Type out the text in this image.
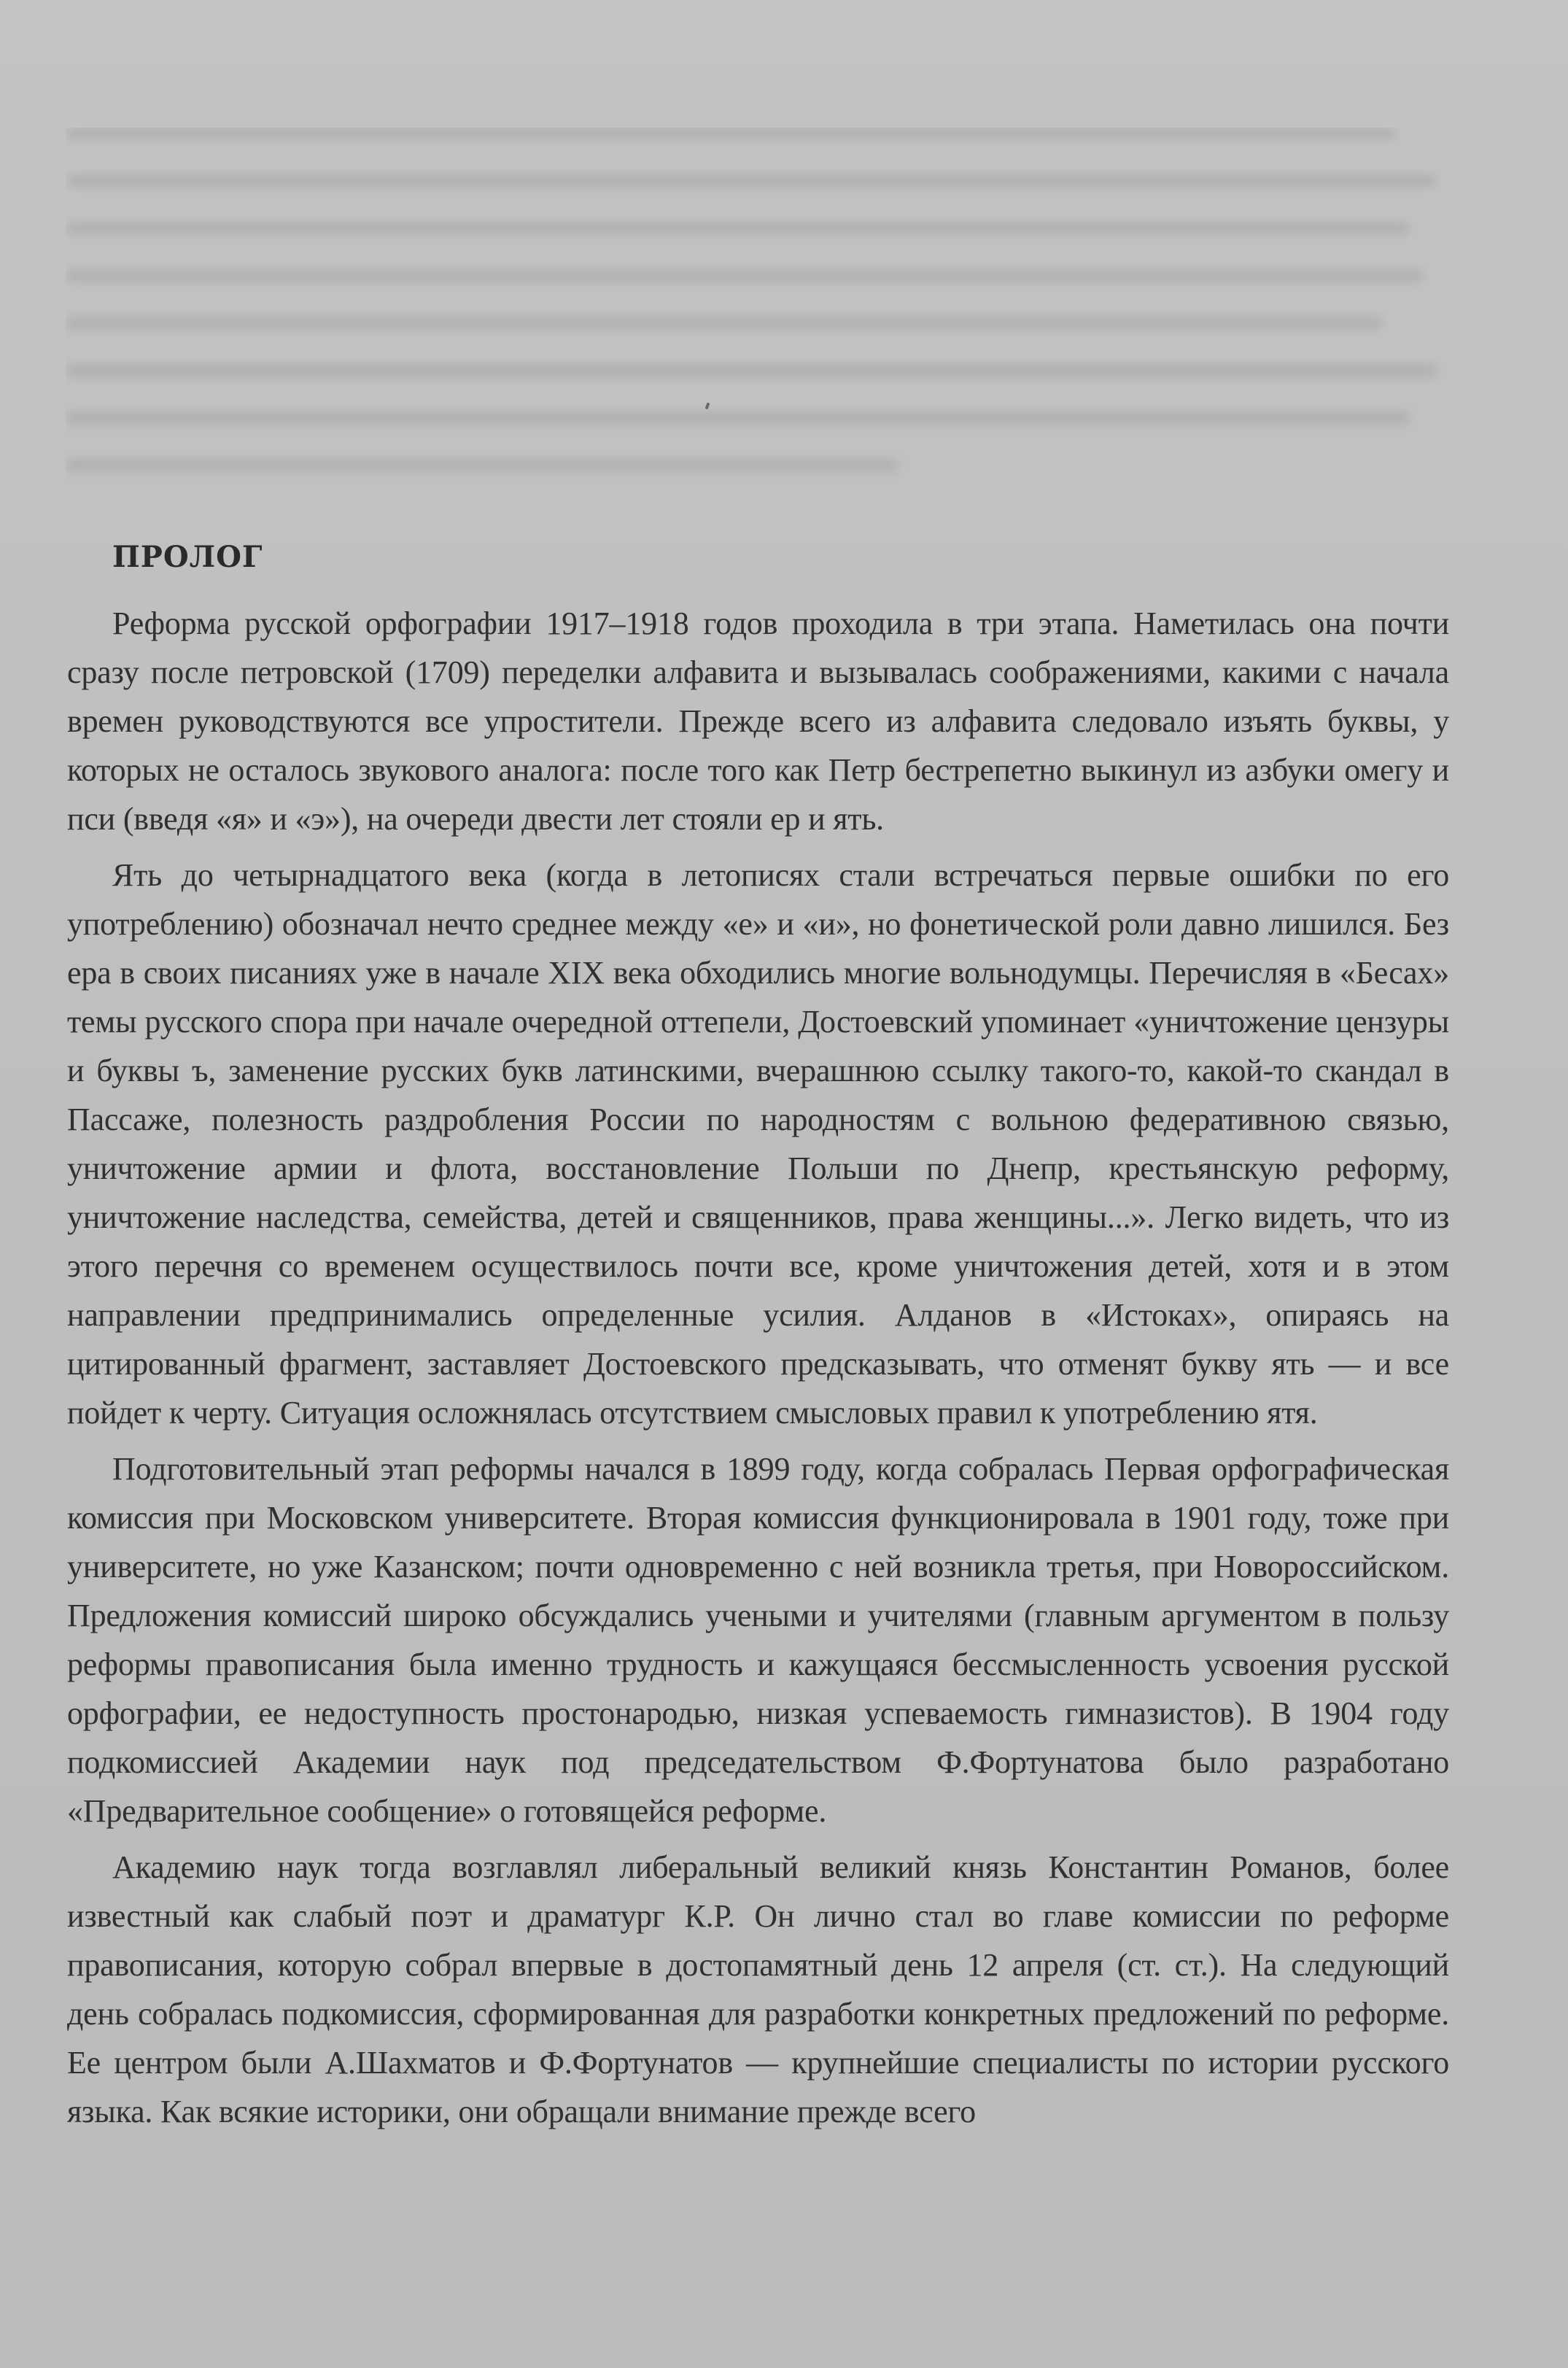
ПРОЛОГ

Реформа русской орфографии 1917–1918 годов проходила в три этапа. Наметилась она почти сразу после петровской (1709) переделки алфавита и вызывалась соображениями, какими с начала времен руководствуются все упростители. Прежде всего из алфавита следовало изъять буквы, у которых не осталось звукового аналога: после того как Петр бестрепетно выкинул из азбуки омегу и пси (введя «я» и «э»), на очереди двести лет стояли ер и ять.

Ять до четырнадцатого века (когда в летописях стали встречаться первые ошибки по его употреблению) обозначал нечто среднее между «е» и «и», но фонетической роли давно лишился. Без ера в своих писаниях уже в начале XIX века обходились многие вольнодумцы. Перечисляя в «Бесах» темы русского спора при начале очередной оттепели, Достоевский упоминает «уничтожение цензуры и буквы ъ, заменение русских букв латинскими, вчерашнюю ссылку такого-то, какой-то скандал в Пассаже, полезность раздробления России по народностям с вольною федеративною связью, уничтожение армии и флота, восстановление Польши по Днепр, крестьянскую реформу, уничтожение наследства, семейства, детей и священников, права женщины...». Легко видеть, что из этого перечня со временем осуществилось почти все, кроме уничтожения детей, хотя и в этом направлении предпринимались определенные усилия. Алданов в «Истоках», опираясь на цитированный фрагмент, заставляет Достоевского предсказывать, что отменят букву ять — и все пойдет к черту. Ситуация осложнялась отсутствием смысловых правил к употреблению ятя.

Подготовительный этап реформы начался в 1899 году, когда собралась Первая орфографическая комиссия при Московском университете. Вторая комиссия функционировала в 1901 году, тоже при университете, но уже Казанском; почти одновременно с ней возникла третья, при Новороссийском. Предложения комиссий широко обсуждались учеными и учителями (главным аргументом в пользу реформы правописания была именно трудность и кажущаяся бессмысленность усвоения русской орфографии, ее недоступность простонародью, низкая успеваемость гимназистов). В 1904 году подкомиссией Академии наук под председательством Ф.Фортунатова было разработано «Предварительное сообщение» о готовящейся реформе.

Академию наук тогда возглавлял либеральный великий князь Константин Романов, более известный как слабый поэт и драматург К.Р. Он лично стал во главе комиссии по реформе правописания, которую собрал впервые в достопамятный день 12 апреля (ст. ст.). На следующий день собралась подкомиссия, сформированная для разработки конкретных предложений по реформе. Ее центром были А.Шахматов и Ф.Фортунатов — крупнейшие специалисты по истории русского языка. Как всякие историки, они обращали внимание прежде всего
